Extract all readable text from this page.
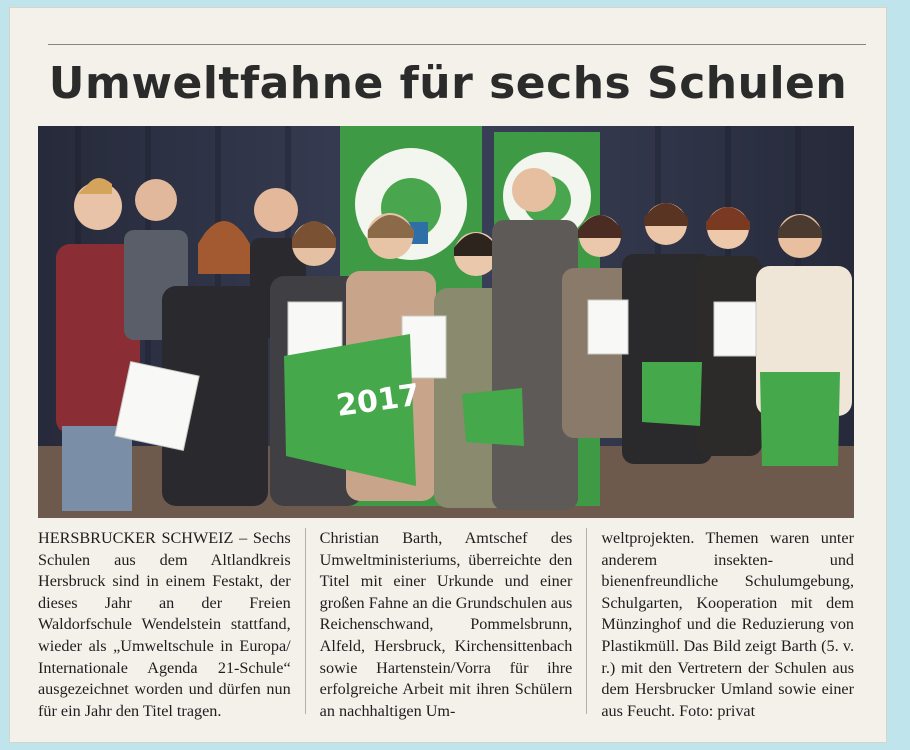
Umweltfahne für sechs Schulen
2017
HERSBRUCKER SCHWEIZ – Sechs Schulen aus dem Altlandkreis Hersbruck sind in einem Festakt, der dieses Jahr an der Freien Waldorfschule Wendelstein stattfand, wieder als „Umweltschule in Europa/ Internationale Agenda 21-Schule“ ausgezeichnet worden und dürfen nun für ein Jahr den Titel tragen.
Christian Barth, Amtschef des Umweltministeriums, überreichte den Titel mit einer Urkunde und einer großen Fahne an die Grundschulen aus Reichenschwand, Pommelsbrunn, Alfeld, Hersbruck, Kirchensittenbach sowie Hartenstein/Vorra für ihre erfolgreiche Arbeit mit ihren Schülern an nachhaltigen Um-
weltprojekten. Themen waren unter anderem insekten- und bienenfreundliche Schulumgebung, Schulgarten, Kooperation mit dem Münzinghof und die Reduzierung von Plastikmüll. Das Bild zeigt Barth (5. v. r.) mit den Vertretern der Schulen aus dem Hersbrucker Umland sowie einer aus Feucht. Foto: privat
